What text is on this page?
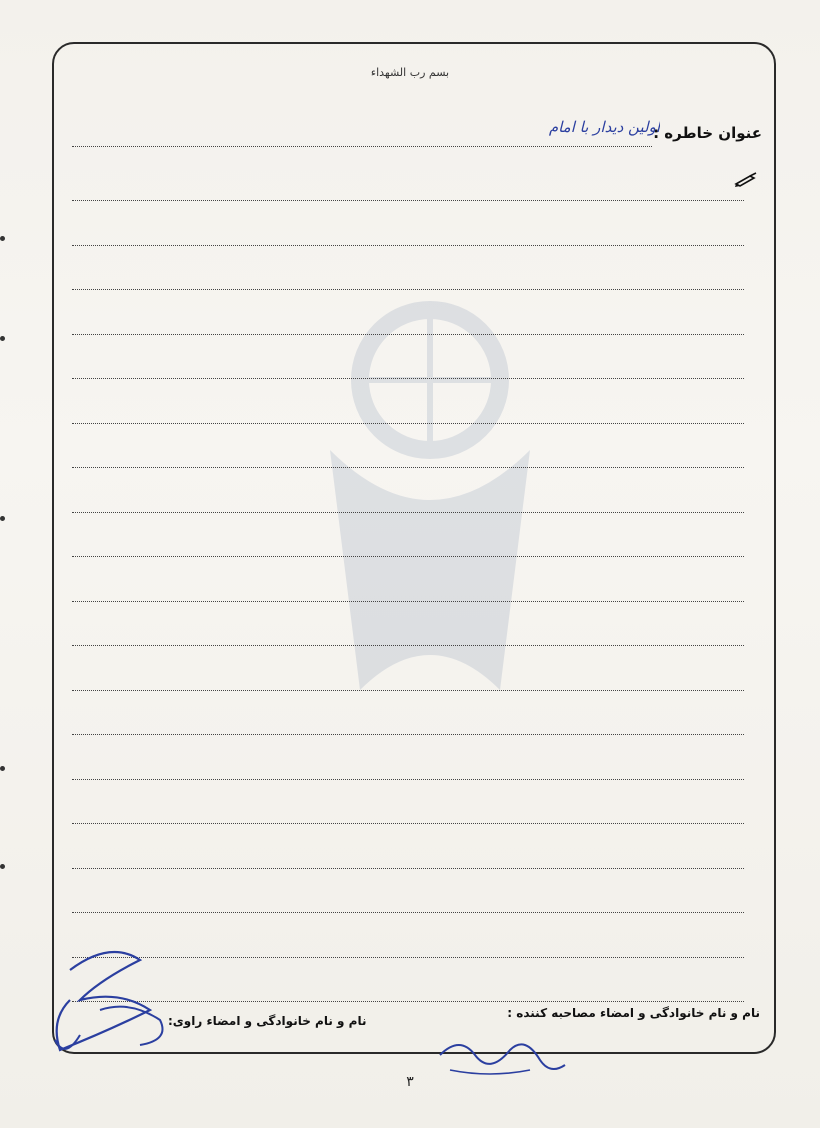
بسم رب الشهداء
عنوان خاطره :
اولین دیدار با امام
نام و نام خانوادگی و امضاء مصاحبه کننده :
نام و نام خانوادگی و امضاء راوی:
۳
